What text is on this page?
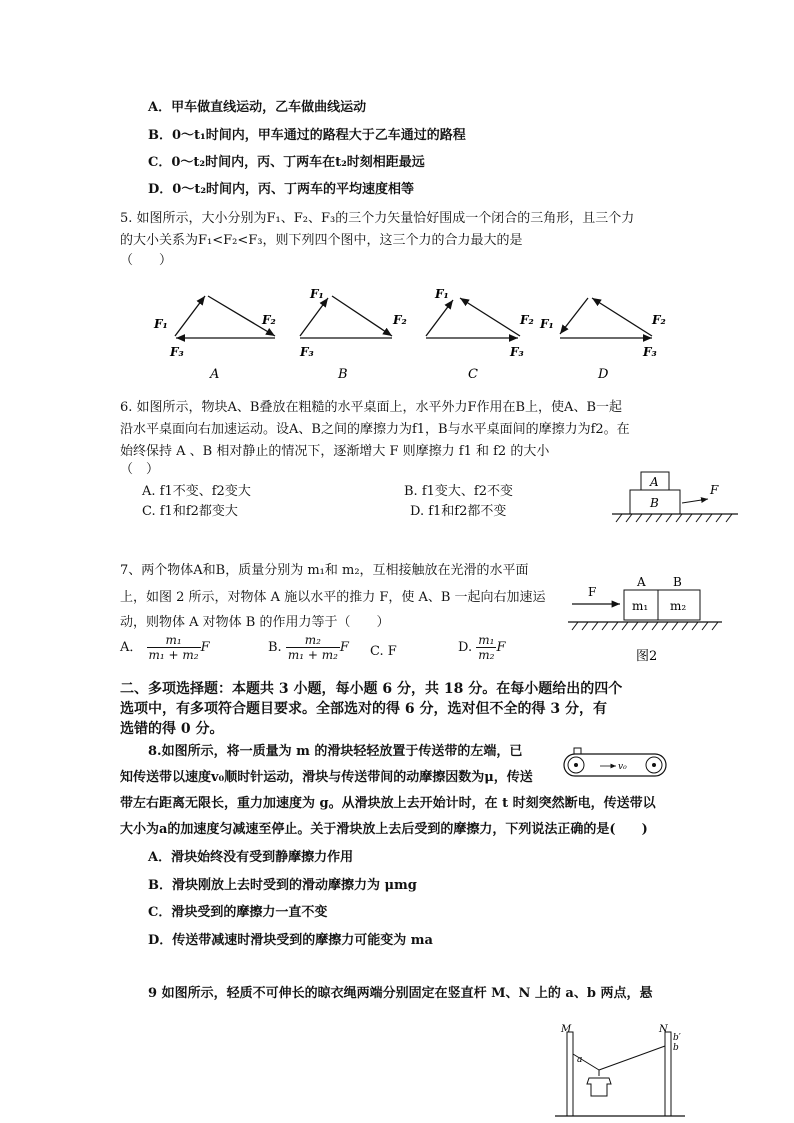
A．甲车做直线运动，乙车做曲线运动
B．0～t₁时间内，甲车通过的路程大于乙车通过的路程
C．0～t₂时间内，丙、丁两车在t₂时刻相距最远
D．0～t₂时间内，丙、丁两车的平均速度相等
5. 如图所示，大小分别为F₁、F₂、F₃的三个力矢量恰好围成一个闭合的三角形，且三个力
的大小关系为F₁<F₂<F₃，则下列四个图中，这三个力的合力最大的是
（　　）
F₁	F₂
F₃
A
F₁
F₂
F₃
B
F₁
F₂
F₃
C
F₁	F₂
F₃
D
6. 如图所示，物块A、B叠放在粗糙的水平桌面上，水平外力F作用在B上，使A、B一起
沿水平桌面向右加速运动。设A、B之间的摩擦力为f1，B与水平桌面间的摩擦力为f2。在
始终保持 A 、B 相对静止的情况下，逐渐增大 F 则摩擦力 f1 和 f2 的大小
（　）
A. f1不变、f2变大	B. f1变大、f2不变
C. f1和f2都变大	D. f1和f2都不变
A
B
F
7、两个物体A和B，质量分别为 m₁和 m₂，互相接触放在光滑的水平面
上，如图 2 所示，对物体 A 施以水平的推力 F，使 A、B 一起向右加速运
动，则物体 A 对物体 B 的作用力等于（　　）
A． $\frac{\text{m₁}}{\text{m₁ + m₂}}$ F	B. $\frac{\text{m₂}}{\text{m₁ + m₂}}$ F C. F	D. $\frac{\text{m₁}}{\text{m₂}}$ F
F
A B
m₁ m₂
图2
二、多项选择题：本题共 3 小题，每小题 6 分，共 18 分。在每小题给出的四个
选项中，有多项符合题目要求。全部选对的得 6 分，选对但不全的得 3 分，有
选错的得 0 分。
8.如图所示，将一质量为 m 的滑块轻轻放置于传送带的左端，已
知传送带以速度v₀顺时针运动，滑块与传送带间的动摩擦因数为μ，传送
带左右距离无限长，重力加速度为 g。从滑块放上去开始计时，在 t 时刻突然断电，传送带以
大小为a的加速度匀减速至停止。关于滑块放上去后受到的摩擦力，下列说法正确的是(　　)
A．滑块始终没有受到静摩擦力作用
B．滑块刚放上去时受到的滑动摩擦力为 μmg
C．滑块受到的摩擦力一直不变
D．传送带减速时滑块受到的摩擦力可能变为 ma
v₀
9 如图所示，轻质不可伸长的晾衣绳两端分别固定在竖直杆 M、N 上的 a、b 两点，悬
M	N
b′
b
a
